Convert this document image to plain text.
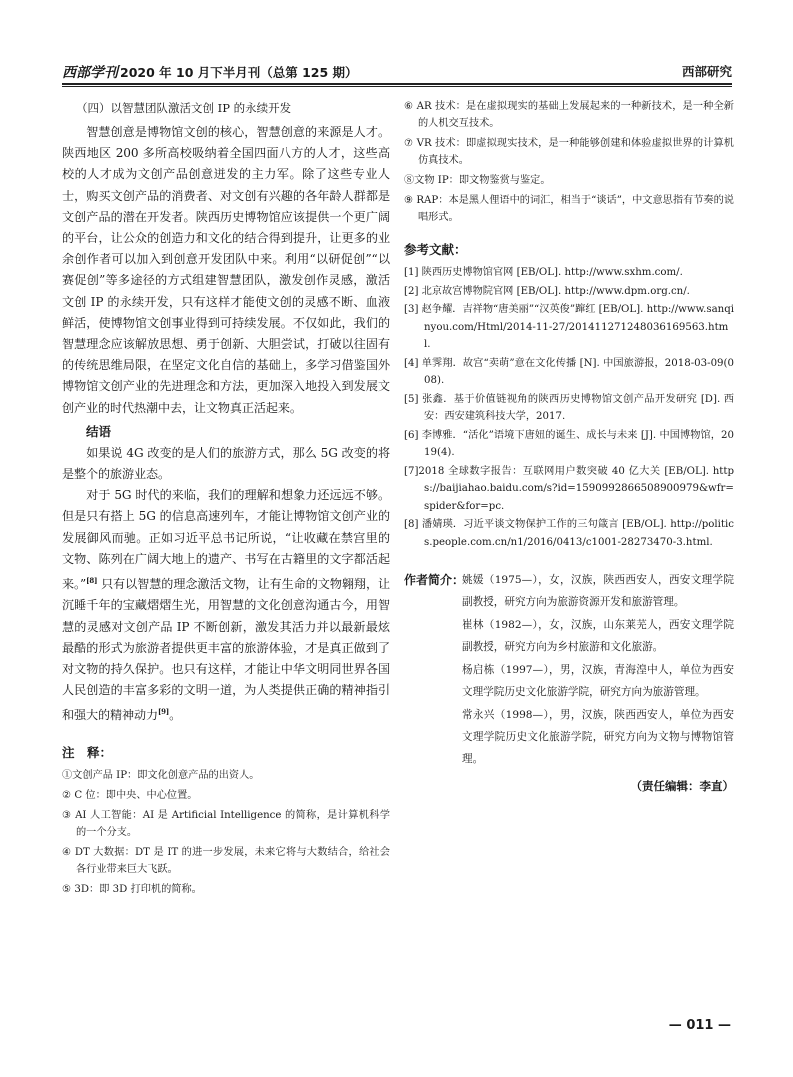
西部学刊 2020 年 10 月下半月刊（总第 125 期）	西部研究
（四）以智慧团队激活文创 IP 的永续开发

智慧创意是博物馆文创的核心，智慧创意的来源是人才。陕西地区 200 多所高校吸纳着全国四面八方的人才，这些高校的人才成为文创产品创意迸发的主力军。除了这些专业人士，购买文创产品的消费者、对文创有兴趣的各年龄人群都是文创产品的潜在开发者。陕西历史博物馆应该提供一个更广阔的平台，让公众的创造力和文化的结合得到提升，让更多的业余创作者可以加入到创意开发团队中来。利用“以研促创”“以赛促创”等多途径的方式组建智慧团队，激发创作灵感，激活文创 IP 的永续开发，只有这样才能使文创的灵感不断、血液鲜活，使博物馆文创事业得到可持续发展。不仅如此，我们的智慧理念应该解放思想、勇于创新、大胆尝试，打破以往固有的传统思维局限，在坚定文化自信的基础上，多学习借鉴国外博物馆文创产业的先进理念和方法，更加深入地投入到发展文创产业的时代热潮中去，让文物真正活起来。

结语

如果说 4G 改变的是人们的旅游方式，那么 5G 改变的将是整个的旅游业态。

对于 5G 时代的来临，我们的理解和想象力还远远不够。但是只有搭上 5G 的信息高速列车，才能让博物馆文创产业的发展御风而驰。正如习近平总书记所说，“让收藏在禁宫里的文物、陈列在广阔大地上的遗产、书写在古籍里的文字都活起来。”[8] 只有以智慧的理念激活文物，让有生命的文物翱翔，让沉睡千年的宝藏熠熠生光，用智慧的文化创意沟通古今，用智慧的灵感对文创产品 IP 不断创新，激发其活力并以最新最炫最酷的形式为旅游者提供更丰富的旅游体验，才是真正做到了对文物的持久保护。也只有这样，才能让中华文明同世界各国人民创造的丰富多彩的文明一道，为人类提供正确的精神指引和强大的精神动力[9]。

注　释：

①文创产品 IP：即文化创意产品的出资人。

② C 位：即中央、中心位置。

③ AI 人工智能：AI 是 Artificial Intelligence 的简称，是计算机科学的一个分支。

④ DT 大数据：DT 是 IT 的进一步发展，未来它将与大数结合，给社会各行业带来巨大飞跃。

⑤ 3D：即 3D 打印机的简称。

⑥ AR 技术：是在虚拟现实的基础上发展起来的一种新技术，是一种全新的人机交互技术。

⑦ VR 技术：即虚拟现实技术，是一种能够创建和体验虚拟世界的计算机仿真技术。

⑧文物 IP：即文物鉴赏与鉴定。

⑨ RAP：本是黑人俚语中的词汇，相当于“谈话”，中文意思指有节奏的说唱形式。

参考文献：

[1] 陕西历史博物馆官网 [EB/OL]. http://www.sxhm.com/.

[2] 北京故宫博物院官网 [EB/OL]. http://www.dpm.org.cn/.

[3] 赵争耀．吉祥物“唐美丽”“汉英俊”蹿红 [EB/OL]. http://www.sanqinyou.com/Html/2014-11-27/201411271248036169563.html.

[4] 单霁翔．故宫“卖萌”意在文化传播 [N]. 中国旅游报，2018-03-09(008).

[5] 张鑫．基于价值链视角的陕西历史博物馆文创产品开发研究 [D]. 西安：西安建筑科技大学，2017.

[6] 李博雅．“活化”语境下唐妞的诞生、成长与未来 [J]. 中国博物馆，2019(4).

[7]2018 全球数字报告：互联网用户数突破 40 亿大关 [EB/OL]. https://baijiahao.baidu.com/s?id=1590992866508900979&wfr=spider&for=pc.

[8] 潘婧瑛．习近平谈文物保护工作的三句箴言 [EB/OL]. http://politics.people.com.cn/n1/2016/0413/c1001-28273470-3.html.

作者简介：

姚媛（1975—），女，汉族，陕西西安人，西安文理学院副教授，研究方向为旅游资源开发和旅游管理。

崔林（1982—），女，汉族，山东莱芜人，西安文理学院副教授，研究方向为乡村旅游和文化旅游。

杨启栋（1997—），男，汉族，青海湟中人，单位为西安文理学院历史文化旅游学院，研究方向为旅游管理。

常永兴（1998—），男，汉族，陕西西安人，单位为西安文理学院历史文化旅游学院，研究方向为文物与博物馆管理。

（责任编辑：李直）
— 011 —
